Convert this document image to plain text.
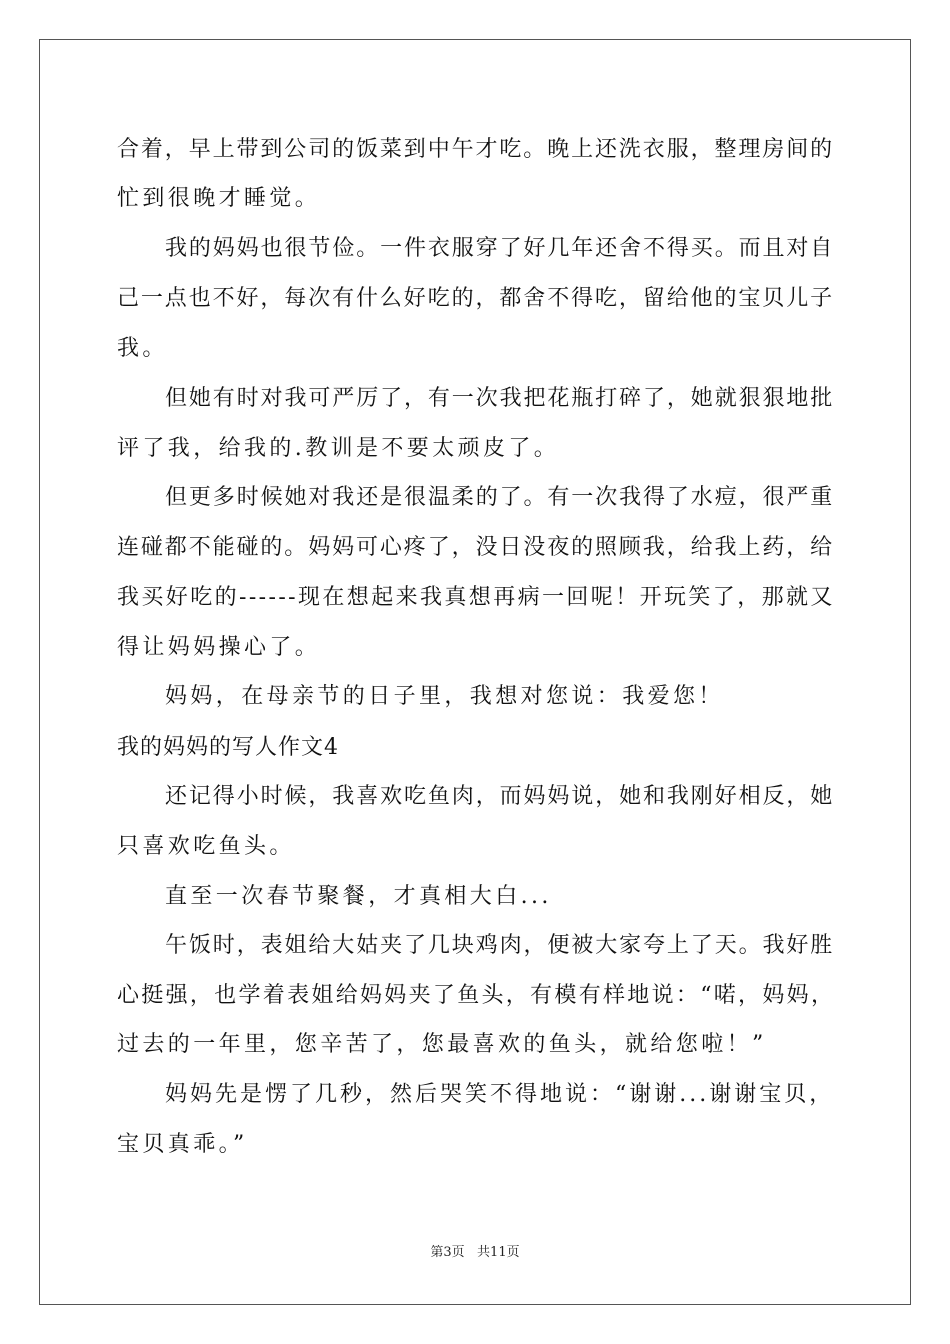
合着，早上带到公司的饭菜到中午才吃。晚上还洗衣服，整理房间的
忙到很晚才睡觉。
我的妈妈也很节俭。一件衣服穿了好几年还舍不得买。而且对自
己一点也不好，每次有什么好吃的，都舍不得吃，留给他的宝贝儿子
我。
但她有时对我可严厉了，有一次我把花瓶打碎了，她就狠狠地批
评了我，给我的.教训是不要太顽皮了。
但更多时候她对我还是很温柔的了。有一次我得了水痘，很严重
连碰都不能碰的。妈妈可心疼了，没日没夜的照顾我，给我上药，给
我买好吃的------现在想起来我真想再病一回呢！开玩笑了，那就又
得让妈妈操心了。
妈妈，在母亲节的日子里，我想对您说：我爱您！
我的妈妈的写人作文4
还记得小时候，我喜欢吃鱼肉，而妈妈说，她和我刚好相反，她
只喜欢吃鱼头。
直至一次春节聚餐，才真相大白...
午饭时，表姐给大姑夹了几块鸡肉，便被大家夸上了天。我好胜
心挺强，也学着表姐给妈妈夹了鱼头，有模有样地说：“喏，妈妈，
过去的一年里，您辛苦了，您最喜欢的鱼头，就给您啦！”
妈妈先是愣了几秒，然后哭笑不得地说：“谢谢...谢谢宝贝，
宝贝真乖。”
第3页   共11页
